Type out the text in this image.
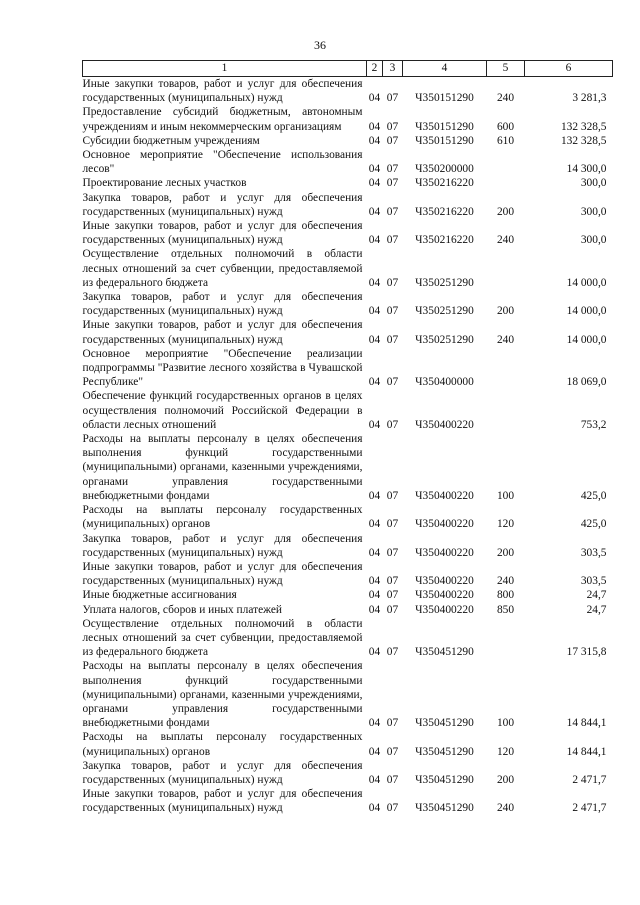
36
1	2	3	4	5	6
Иные закупки товаров, работ и услуг для обеспечения государственных (муниципальных) нужд	04	07	Ч350151290	240	3 281,3
Предоставление субсидий бюджетным, автономным учреждениям и иным некоммерческим организациям	04	07	Ч350151290	600	132 328,5
Субсидии бюджетным учреждениям	04	07	Ч350151290	610	132 328,5
Основное мероприятие "Обеспечение использования лесов"	04	07	Ч350200000		14 300,0
Проектирование лесных участков	04	07	Ч350216220		300,0
Закупка товаров, работ и услуг для обеспечения государственных (муниципальных) нужд	04	07	Ч350216220	200	300,0
Иные закупки товаров, работ и услуг для обеспечения государственных (муниципальных) нужд	04	07	Ч350216220	240	300,0
Осуществление отдельных полномочий в области лесных отношений за счет субвенции, предоставляемой из федерального бюджета	04	07	Ч350251290		14 000,0
Закупка товаров, работ и услуг для обеспечения государственных (муниципальных) нужд	04	07	Ч350251290	200	14 000,0
Иные закупки товаров, работ и услуг для обеспечения государственных (муниципальных) нужд	04	07	Ч350251290	240	14 000,0
Основное мероприятие "Обеспечение реализации подпрограммы "Развитие лесного хозяйства в Чувашской Республике"	04	07	Ч350400000		18 069,0
Обеспечение функций государственных органов в целях осуществления полномочий Российской Федерации в области лесных отношений	04	07	Ч350400220		753,2
Расходы на выплаты персоналу в целях обеспечения выполнения функций государственными (муниципальными) органами, казенными учреждениями, органами управления государственными внебюджетными фондами	04	07	Ч350400220	100	425,0
Расходы на выплаты персоналу государственных (муниципальных) органов	04	07	Ч350400220	120	425,0
Закупка товаров, работ и услуг для обеспечения государственных (муниципальных) нужд	04	07	Ч350400220	200	303,5
Иные закупки товаров, работ и услуг для обеспечения государственных (муниципальных) нужд	04	07	Ч350400220	240	303,5
Иные бюджетные ассигнования	04	07	Ч350400220	800	24,7
Уплата налогов, сборов и иных платежей	04	07	Ч350400220	850	24,7
Осуществление отдельных полномочий в области лесных отношений за счет субвенции, предоставляемой из федерального бюджета	04	07	Ч350451290		17 315,8
Расходы на выплаты персоналу в целях обеспечения выполнения функций государственными (муниципальными) органами, казенными учреждениями, органами управления государственными внебюджетными фондами	04	07	Ч350451290	100	14 844,1
Расходы на выплаты персоналу государственных (муниципальных) органов	04	07	Ч350451290	120	14 844,1
Закупка товаров, работ и услуг для обеспечения государственных (муниципальных) нужд	04	07	Ч350451290	200	2 471,7
Иные закупки товаров, работ и услуг для обеспечения государственных (муниципальных) нужд	04	07	Ч350451290	240	2 471,7
